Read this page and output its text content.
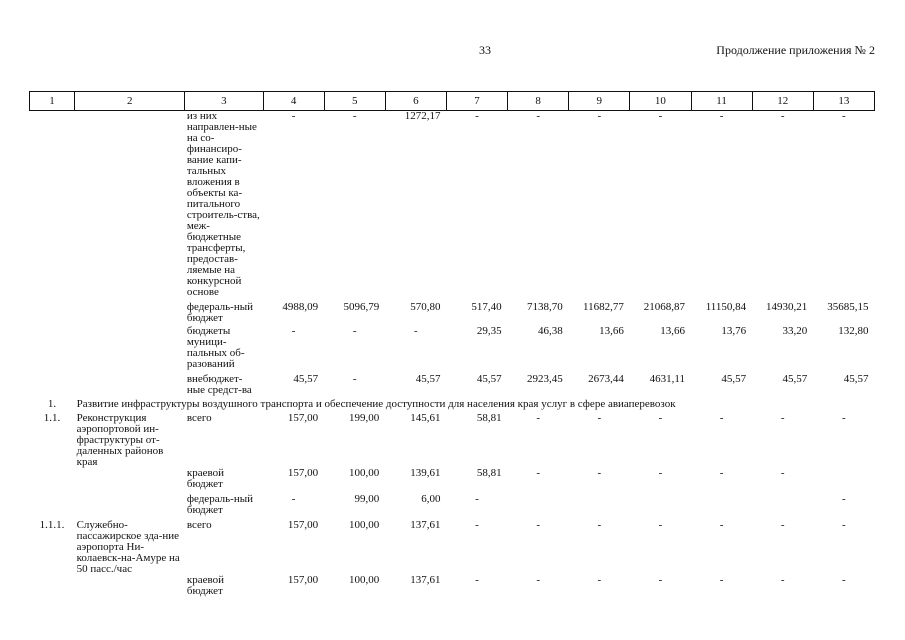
33	Продолжение приложения № 2
1	2	3	4	5	6	7	8	9	10	11	12	13
		из них направлен-ные на со-финансиро-вание капи-тальных вложения в объекты ка-питального строитель-ства, меж-бюджетные трансферты, предостав-ляемые на конкурсной основе	-	-	1272,17	-	-	-	-	-	-	-
		федераль-ный бюджет	4988,09	5096,79	570,80	517,40	7138,70	11682,77	21068,87	11150,84	14930,21	35685,15
		бюджеты муници-пальных об-разований	-	-	-	29,35	46,38	13,66	13,66	13,76	33,20	132,80
		внебюджет-ные средст-ва	45,57	-	45,57	45,57	2923,45	2673,44	4631,11	45,57	45,57	45,57
1.	Развитие инфраструктуры воздушного транспорта и обеспечение доступности для населения края услуг в сфере авиаперевозок											
1.1.	Реконструкция аэропортовой ин-фраструктуры от-даленных районов края	всего	157,00	199,00	145,61	58,81	-	-	-	-	-	-
		краевой бюджет	157,00	100,00	139,61	58,81	-	-	-	-	-	
		федераль-ный бюджет	-	99,00	6,00	-						-
1.1.1.	Служебно-пассажирское зда-ние аэропорта Ни-колаевск-на-Амуре на 50 пасс./час	всего	157,00	100,00	137,61	-	-	-	-	-	-	-
		краевой бюджет	157,00	100,00	137,61	-	-	-	-	-	-	-
